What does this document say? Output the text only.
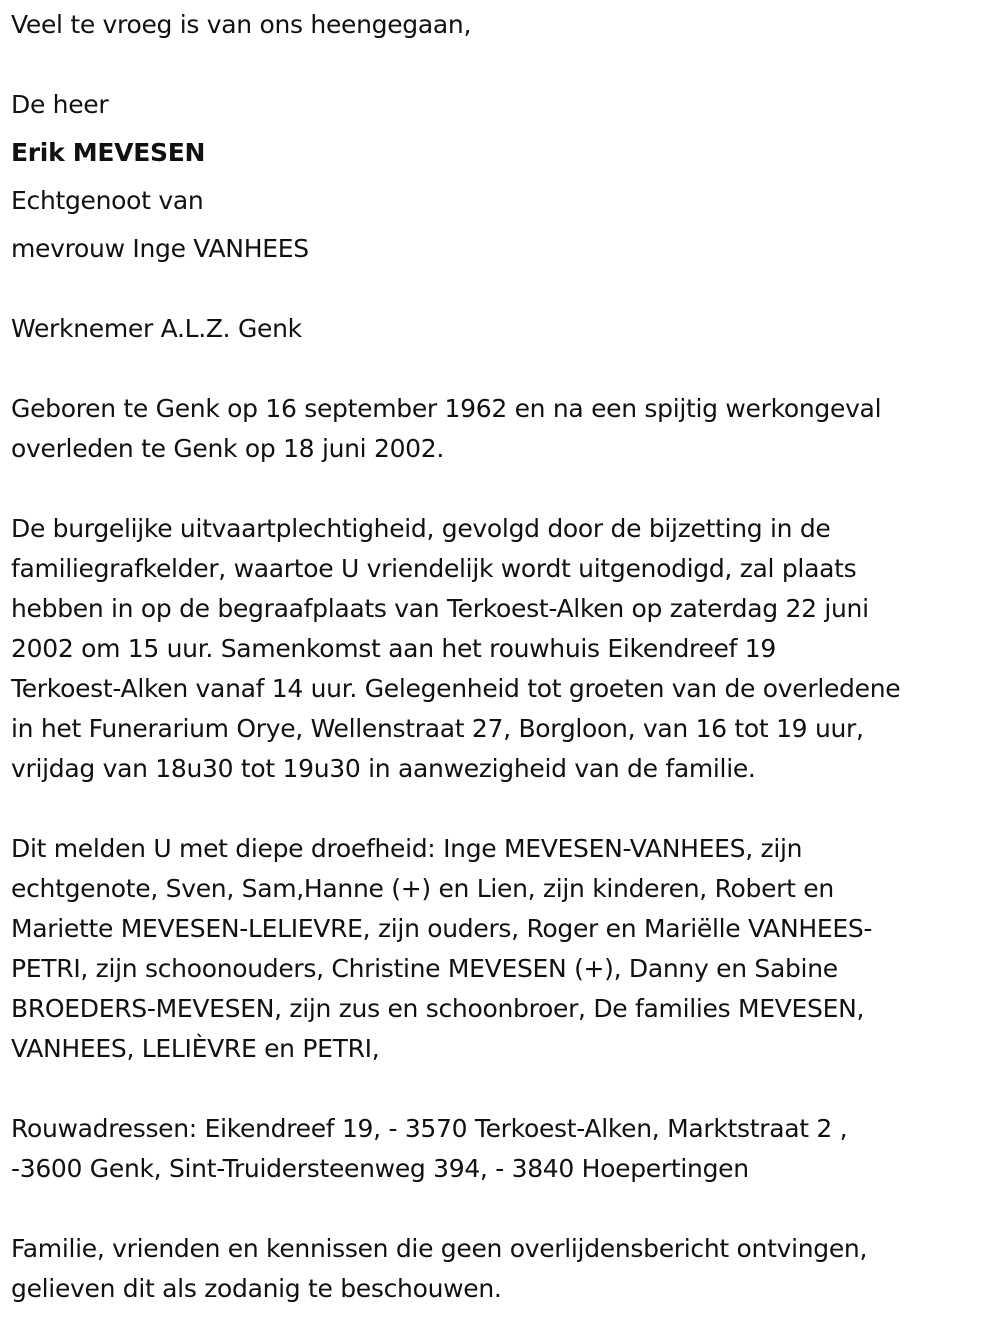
Veel te vroeg is van ons heengegaan,
De heer
Erik MEVESEN
Echtgenoot van
mevrouw Inge VANHEES
Werknemer A.L.Z. Genk
Geboren te Genk op 16 september 1962 en na een spijtig werkongeval
overleden te Genk op 18 juni 2002.
De burgelijke uitvaartplechtigheid, gevolgd door de bijzetting in de
familiegrafkelder, waartoe U vriendelijk wordt uitgenodigd, zal plaats
hebben in op de begraafplaats van Terkoest-Alken op zaterdag 22 juni
2002 om 15 uur. Samenkomst aan het rouwhuis Eikendreef 19
Terkoest-Alken vanaf 14 uur. Gelegenheid tot groeten van de overledene
in het Funerarium Orye, Wellenstraat 27, Borgloon, van 16 tot 19 uur,
vrijdag van 18u30 tot 19u30 in aanwezigheid van de familie.
Dit melden U met diepe droefheid: Inge MEVESEN-VANHEES, zijn
echtgenote, Sven, Sam,Hanne (+) en Lien, zijn kinderen, Robert en
Mariette MEVESEN-LELIEVRE, zijn ouders, Roger en Mariëlle VANHEES-
PETRI, zijn schoonouders, Christine MEVESEN (+), Danny en Sabine
BROEDERS-MEVESEN, zijn zus en schoonbroer, De families MEVESEN,
VANHEES, LELIÈVRE en PETRI,
Rouwadressen: Eikendreef 19, - 3570 Terkoest-Alken, Marktstraat 2 ,
-3600 Genk, Sint-Truidersteenweg 394, - 3840 Hoepertingen
Familie, vrienden en kennissen die geen overlijdensbericht ontvingen,
gelieven dit als zodanig te beschouwen.
